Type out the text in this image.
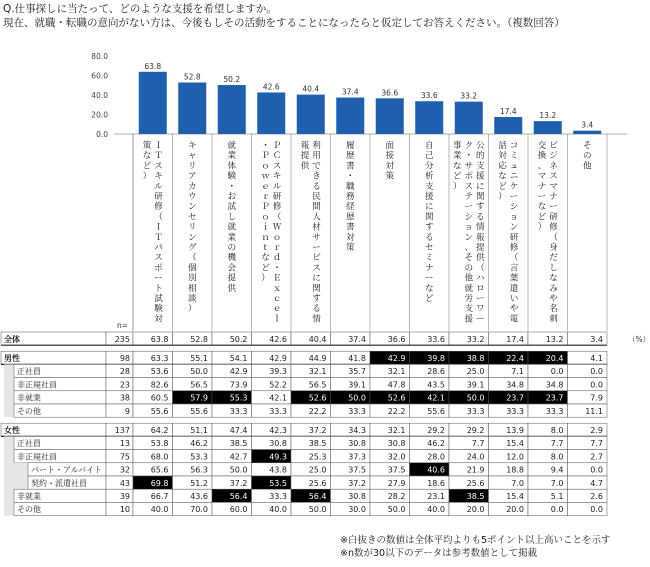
Q.仕事探しに当たって、どのような支援を希望しますか。
現在、就職・転職の意向がない方は、今後もしその活動をすることになったらと仮定してお答えください。（複数回答）
0.0
20.0
40.0
60.0
80.0
63.8
52.8	50.2
42.6	40.4	37.4	36.6	33.6	33.2
17.4	13.2
3.4
ＩＴスキル研修（ＩＴパスポート試験対策など）
キャリアカウンセリング（個別相談）
就業体験・お試し就業の機会提供
ＰＣスキル研修（Ｗｏｒｄ・Ｅｘｃｅｌ・ＰｏｗｅｒＰｏｉｎｔなど）
利用できる民間人材サービスに関する情報提供
履歴書・職務経歴書対策
面接対策
自己分析支援に関するセミナーなど
公的支援に関する情報提供（ハローワーク・サポステーション、その他就労支援事業など）
コミュニケーション研修（言葉遣いや電話対応など）
ビジネスマナー研修（身だしなみや名刺交換、マナーなど）
その他
n=
（%）
全体	235	63.8	52.8	50.2	42.6	40.4	37.4	36.6	33.6	33.2	17.4	13.2	3.4
男性	98	63.3	55.1	54.1	42.9	44.9	41.8	42.9	39.8	38.8	22.4	20.4	4.1
正社員	28	53.6	50.0	42.9	39.3	32.1	35.7	32.1	28.6	25.0	7.1	0.0	0.0
非正規社員	23	82.6	56.5	73.9	52.2	56.5	39.1	47.8	43.5	39.1	34.8	34.8	0.0
非就業	38	60.5	57.9	55.3	42.1	52.6	50.0	52.6	42.1	50.0	23.7	23.7	7.9
その他	9	55.6	55.6	33.3	33.3	22.2	33.3	22.2	55.6	33.3	33.3	33.3	11.1
女性	137	64.2	51.1	47.4	42.3	37.2	34.3	32.1	29.2	29.2	13.9	8.0	2.9
正社員	13	53.8	46.2	38.5	30.8	38.5	30.8	30.8	46.2	7.7	15.4	7.7	7.7
非正規社員	75	68.0	53.3	42.7	49.3	25.3	37.3	32.0	28.0	24.0	12.0	8.0	2.7
パート・アルバイト 32	65.6	56.3	50.0	43.8	25.0	37.5	37.5	40.6	21.9	18.8	9.4	0.0
契約・派遣社員	43	69.8	51.2	37.2	53.5	25.6	37.2	27.9	18.6	25.6	7.0	7.0	4.7
非就業	39	66.7	43.6	56.4	33.3	56.4	30.8	28.2	23.1	38.5	15.4	5.1	2.6
その他	10	40.0	70.0	60.0	40.0	50.0	30.0	50.0	40.0	20.0	20.0	0.0	0.0
※白抜きの数値は全体平均よりも5ポイント以上高いことを示す
※n数が30以下のデータは参考数値として掲載
